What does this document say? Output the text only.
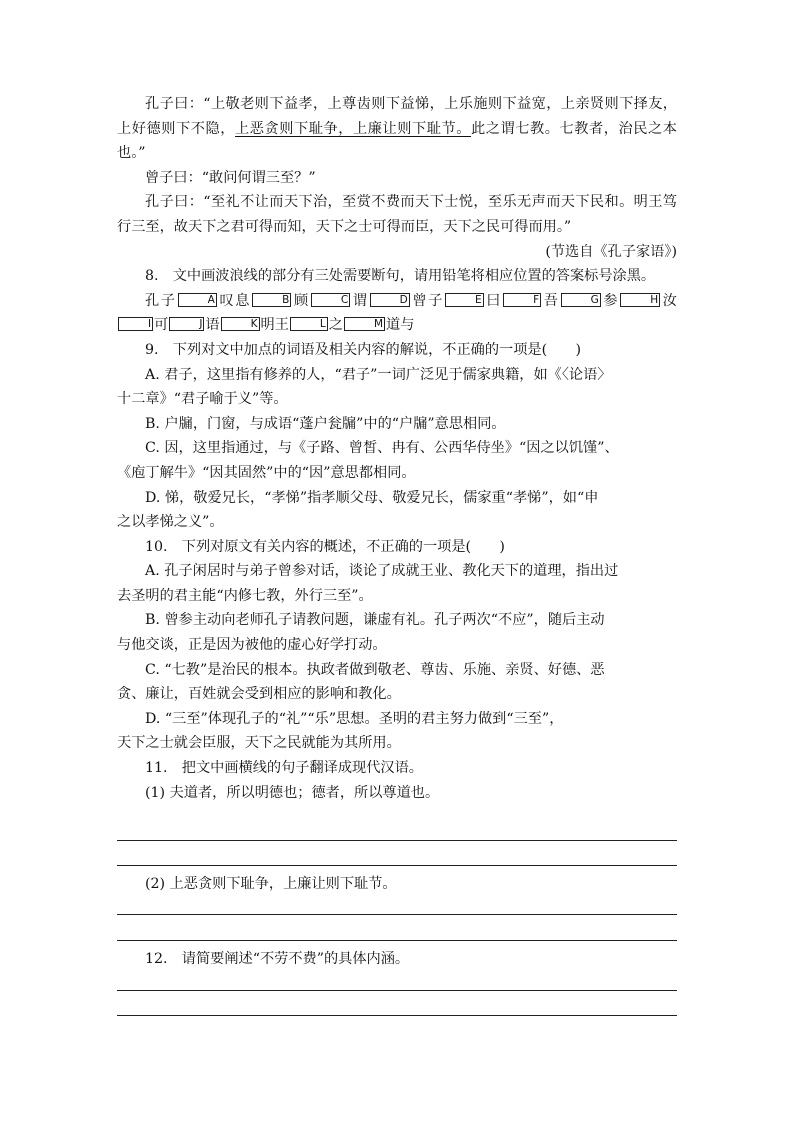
孔子曰：“上敬老则下益孝，上尊齿则下益悌，上乐施则下益宽，上亲贤则下择友，上好德则下不隐，上恶贪则下耻争，上廉让则下耻节。此之谓七教。七教者，治民之本也。”

曾子曰：“敢问何谓三至？”

孔子曰：“至礼不让而天下治，至赏不费而天下士悦，至乐无声而天下民和。明王笃行三至，故天下之君可得而知，天下之士可得而臣，天下之民可得而用。”

(节选自《孔子家语》)

8.　文中画波浪线的部分有三处需要断句，请用铅笔将相应位置的答案标号涂黑。

孔子	A 叹息	B 顾	C 谓	D 曾子	E 曰	F 吾	G 参	H 汝I 可	J 语	K 明王	L 之	M 道与

9.　下列对文中加点的词语及相关内容的解说，不正确的一项是(　　)

A. 君子，这里指有修养的人，“君子”一词广泛见于儒家典籍，如《〈论语〉

十二章》“君子喻于义”等。

B. 户牖，门窗，与成语“蓬户瓮牖”中的“户牖”意思相同。

C. 因，这里指通过，与《子路、曾皙、冉有、公西华侍坐》“因之以饥馑”、

《庖丁解牛》“因其固然”中的“因”意思都相同。

D. 悌，敬爱兄长，“孝悌”指孝顺父母、敬爱兄长，儒家重“孝悌”，如“申

之以孝悌之义”。

10.　下列对原文有关内容的概述，不正确的一项是(　　)

A. 孔子闲居时与弟子曾参对话，谈论了成就王业、教化天下的道理，指出过

去圣明的君主能“内修七教，外行三至”。

B. 曾参主动向老师孔子请教问题，谦虚有礼。孔子两次“不应”，随后主动

与他交谈，正是因为被他的虚心好学打动。

C. “七教”是治民的根本。执政者做到敬老、尊齿、乐施、亲贤、好德、恶

贪、廉让，百姓就会受到相应的影响和教化。

D. “三至”体现孔子的“礼”“乐”思想。圣明的君主努力做到“三至”，

天下之士就会臣服，天下之民就能为其所用。

11.　把文中画横线的句子翻译成现代汉语。

(1) 夫道者，所以明德也；德者，所以尊道也。

(2) 上恶贪则下耻争，上廉让则下耻节。

12.　请简要阐述“不劳不费”的具体内涵。
